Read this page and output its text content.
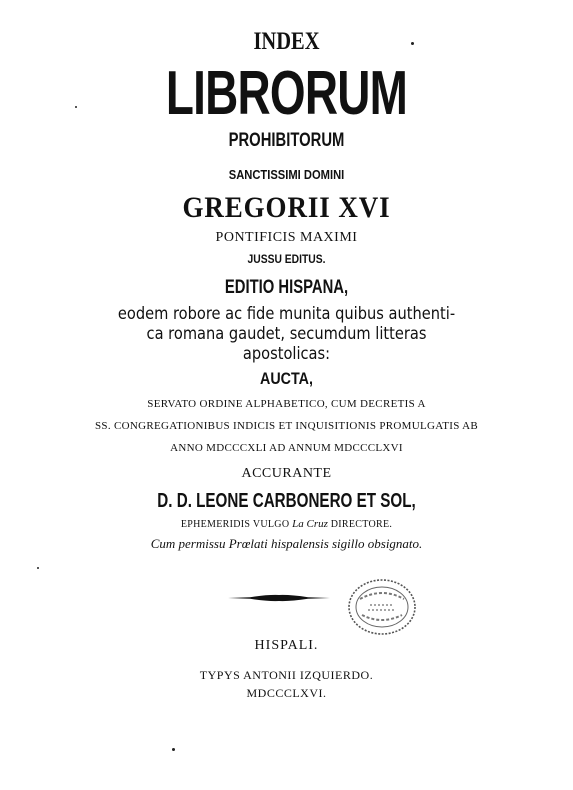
INDEX
LIBRORUM
PROHIBITORUM
SANCTISSIMI DOMINI
GREGORII XVI
PONTIFICIS MAXIMI
JUSSU EDITUS.
EDITIO HISPANA,
eodem robore ac fide munita quibus authenti-
ca romana gaudet, secumdum litteras
apostolicas:
AUCTA,
SERVATO ORDINE ALPHABETICO, CUM DECRETIS A
SS. CONGREGATIONIBUS INDICIS ET INQUISITIONIS PROMULGATIS AB
ANNO MDCCCXLI AD ANNUM MDCCCLXVI
ACCURANTE
D. D. LEONE CARBONERO ET SOL,
EPHEMERIDIS VULGO La Cruz DIRECTORE.
Cum permissu Prœlati hispalensis sigillo obsignato.
HISPALI.
TYPYS ANTONII IZQUIERDO.
MDCCCLXVI.
